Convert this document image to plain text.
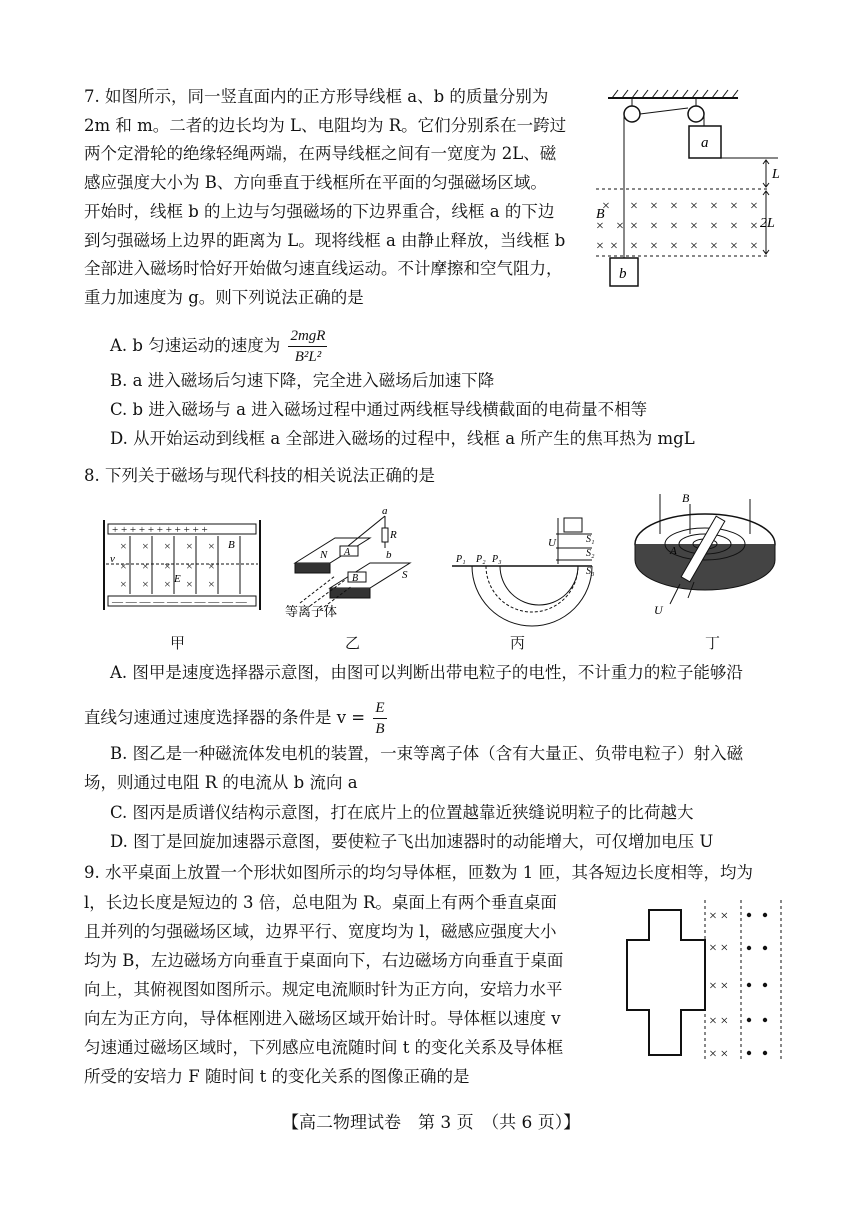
7. 如图所示，同一竖直面内的正方形导线框 a、b 的质量分别为
2m 和 m。二者的边长均为 L、电阻均为 R。它们分别系在一跨过
两个定滑轮的绝缘轻绳两端，在两导线框之间有一宽度为 2L、磁
感应强度大小为 B、方向垂直于线框所在平面的匀强磁场区域。
开始时，线框 b 的上边与匀强磁场的下边界重合，线框 a 的下边
到匀强磁场上边界的距离为 L。现将线框 a 由静止释放，当线框 b
全部进入磁场时恰好开始做匀速直线运动。不计摩擦和空气阻力，
重力加速度为 g。则下列说法正确的是
a
× × × × × × × ×
× × × × × × × × ×
× × × × × × × × ×
B
b
L
2L
A. b 匀速运动的速度为 $\frac{\text{2mgR}}{\text{B²L²}}$
B. a 进入磁场后匀速下降，完全进入磁场后加速下降
C. b 进入磁场与 a 进入磁场过程中通过两线框导线横截面的电荷量不相等
D. 从开始运动到线框 a 全部进入磁场的过程中，线框 a 所产生的焦耳热为 mgL
8. 下列关于磁场与现代科技的相关说法正确的是
+ + + + + + + + + + +
— — — — — — — — — —
× × × × ×
× × × × ×
× × × × ×
v
B
E
N
S
A
B
R
a
b
等离子体
P₁ P₂ P₃
U	S₁
S₂
S₃
B
A
U
甲	乙	丙	丁
A. 图甲是速度选择器示意图，由图可以判断出带电粒子的电性，不计重力的粒子能够沿
直线匀速通过速度选择器的条件是 $v = \frac{E}{B}$
B. 图乙是一种磁流体发电机的装置，一束等离子体（含有大量正、负带电粒子）射入磁
场，则通过电阻 R 的电流从 b 流向 a
C. 图丙是质谱仪结构示意图，打在底片上的位置越靠近狭缝说明粒子的比荷越大
D. 图丁是回旋加速器示意图，要使粒子飞出加速器时的动能增大，可仅增加电压 U
9. 水平桌面上放置一个形状如图所示的均匀导体框，匝数为 1 匝，其各短边长度相等，均为
l，长边长度是短边的 3 倍，总电阻为 R。桌面上有两个垂直桌面
且并列的匀强磁场区域，边界平行、宽度均为 l，磁感应强度大小
均为 B，左边磁场方向垂直于桌面向下，右边磁场方向垂直于桌面
向上，其俯视图如图所示。规定电流顺时针为正方向，安培力水平
向左为正方向，导体框刚进入磁场区域开始计时。导体框以速度 v
匀速通过磁场区域时，下列感应电流随时间 t 的变化关系及导体框
所受的安培力 F 随时间 t 的变化关系的图像正确的是
× ×
× ×
× ×
× ×
× ×
【高二物理试卷　第 3 页　（共 6 页）】
